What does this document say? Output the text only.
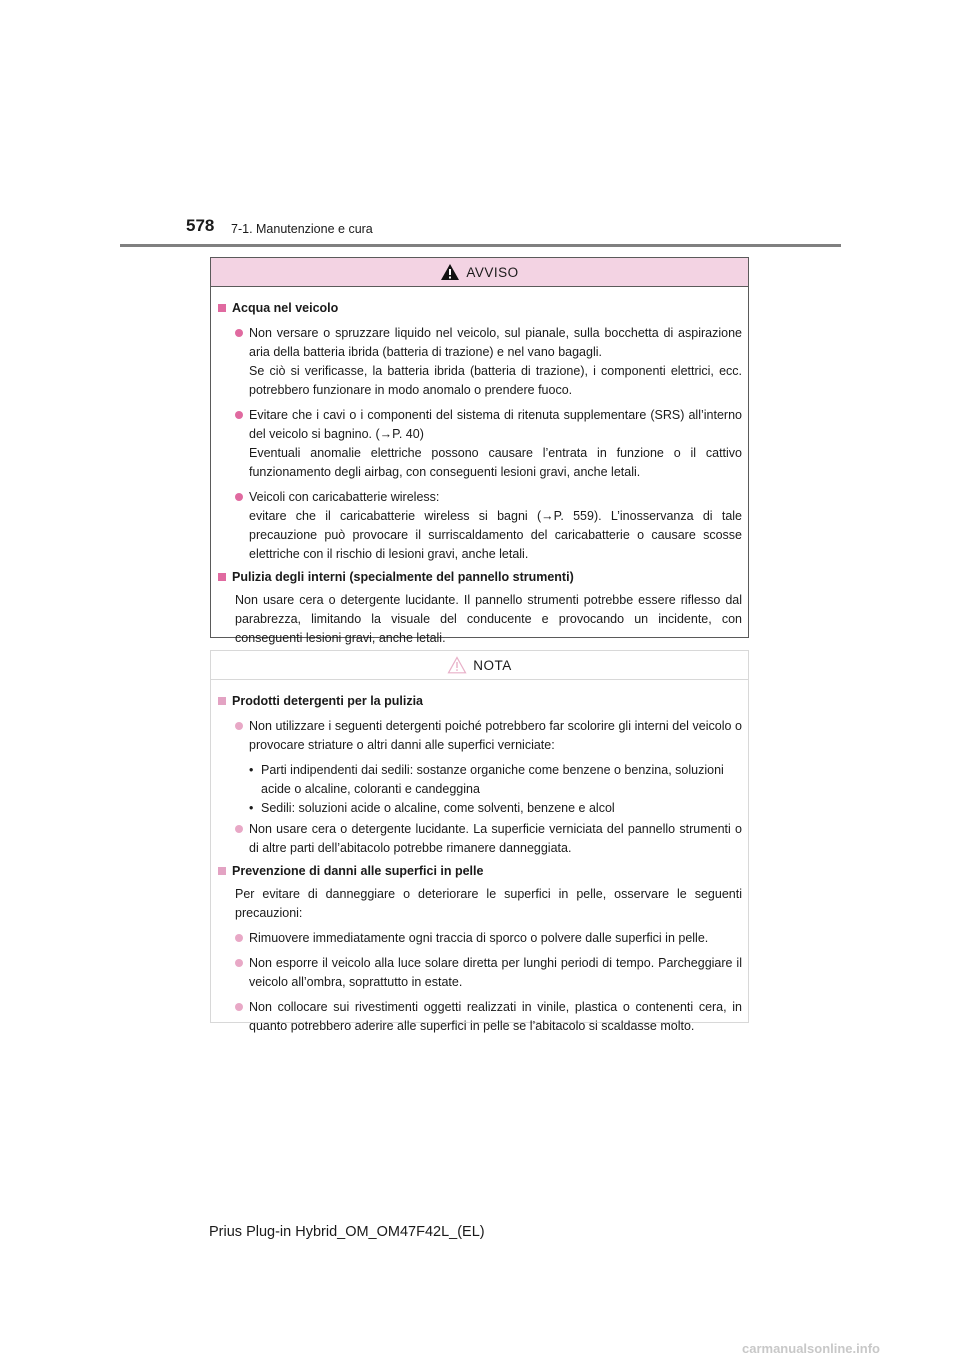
578 7-1. Manutenzione e cura
AVVISO
Acqua nel veicolo
Non versare o spruzzare liquido nel veicolo, sul pianale, sulla bocchetta di aspirazione aria della batteria ibrida (batteria di trazione) e nel vano bagagli.
Se ciò si verificasse, la batteria ibrida (batteria di trazione), i componenti elettrici, ecc. potrebbero funzionare in modo anomalo o prendere fuoco.
Evitare che i cavi o i componenti del sistema di ritenuta supplementare (SRS) all’interno del veicolo si bagnino. (→P. 40)
Eventuali anomalie elettriche possono causare l’entrata in funzione o il cattivo funzionamento degli airbag, con conseguenti lesioni gravi, anche letali.
Veicoli con caricabatterie wireless:
evitare che il caricabatterie wireless si bagni (→P. 559). L’inosservanza di tale precauzione può provocare il surriscaldamento del caricabatterie o causare scosse elettriche con il rischio di lesioni gravi, anche letali.
Pulizia degli interni (specialmente del pannello strumenti)
Non usare cera o detergente lucidante. Il pannello strumenti potrebbe essere riflesso dal parabrezza, limitando la visuale del conducente e provocando un incidente, con conseguenti lesioni gravi, anche letali.
NOTA
Prodotti detergenti per la pulizia
Non utilizzare i seguenti detergenti poiché potrebbero far scolorire gli interni del veicolo o provocare striature o altri danni alle superfici verniciate:
• Parti indipendenti dai sedili: sostanze organiche come benzene o benzina, soluzioni acide o alcaline, coloranti e candeggina
• Sedili: soluzioni acide o alcaline, come solventi, benzene e alcol
Non usare cera o detergente lucidante. La superficie verniciata del pannello strumenti o di altre parti dell’abitacolo potrebbe rimanere danneggiata.
Prevenzione di danni alle superfici in pelle
Per evitare di danneggiare o deteriorare le superfici in pelle, osservare le seguenti precauzioni:
Rimuovere immediatamente ogni traccia di sporco o polvere dalle superfici in pelle.
Non esporre il veicolo alla luce solare diretta per lunghi periodi di tempo. Parcheggiare il veicolo all’ombra, soprattutto in estate.
Non collocare sui rivestimenti oggetti realizzati in vinile, plastica o contenenti cera, in quanto potrebbero aderire alle superfici in pelle se l’abitacolo si scaldasse molto.
Prius Plug-in Hybrid_OM_OM47F42L_(EL)
carmanualsonline.info
